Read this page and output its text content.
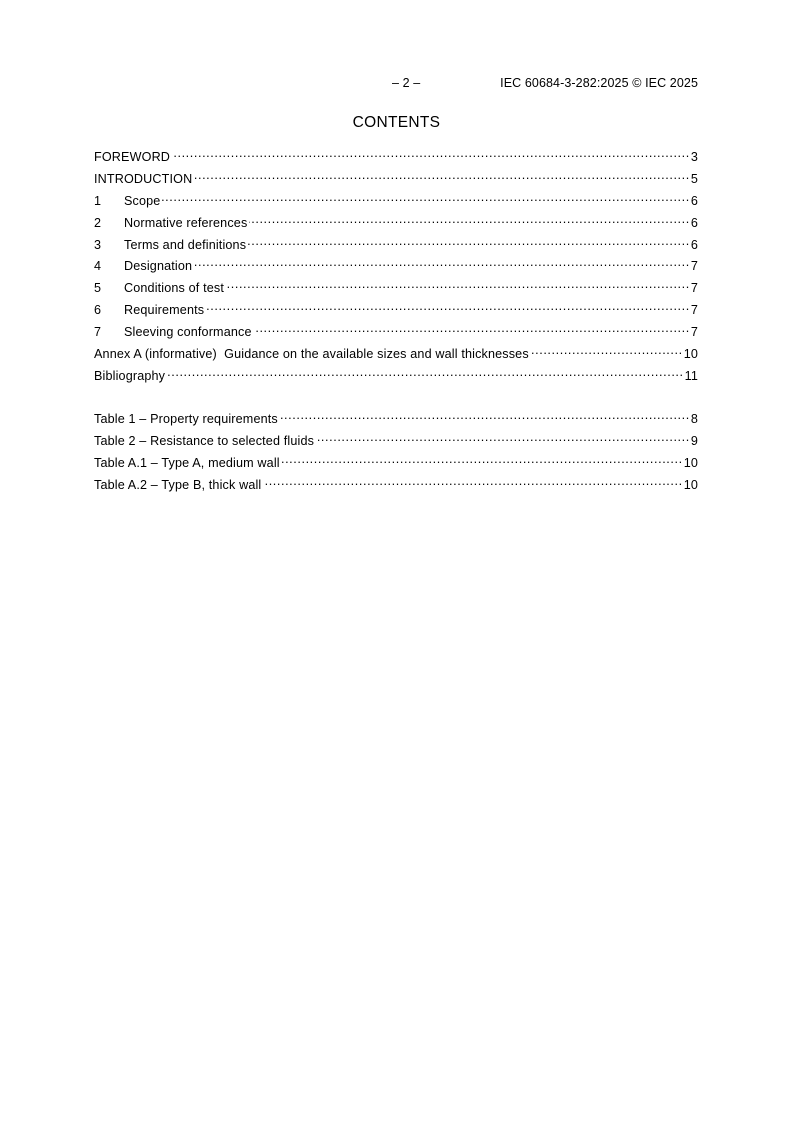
– 2 –	IEC 60684-3-282:2025 © IEC 2025
CONTENTS
FOREWORD .....	3
INTRODUCTION .....	5
1	Scope .....	6
2	Normative references .....	6
3	Terms and definitions .....	6
4	Designation .....	7
5	Conditions of test .....	7
6	Requirements .....	7
7	Sleeving conformance .....	7
Annex A (informative)  Guidance on the available sizes and wall thicknesses .....	10
Bibliography .....	11
Table 1 – Property requirements .....	8
Table 2 – Resistance to selected fluids .....	9
Table A.1 – Type A, medium wall .....	10
Table A.2 – Type B, thick wall .....	10
